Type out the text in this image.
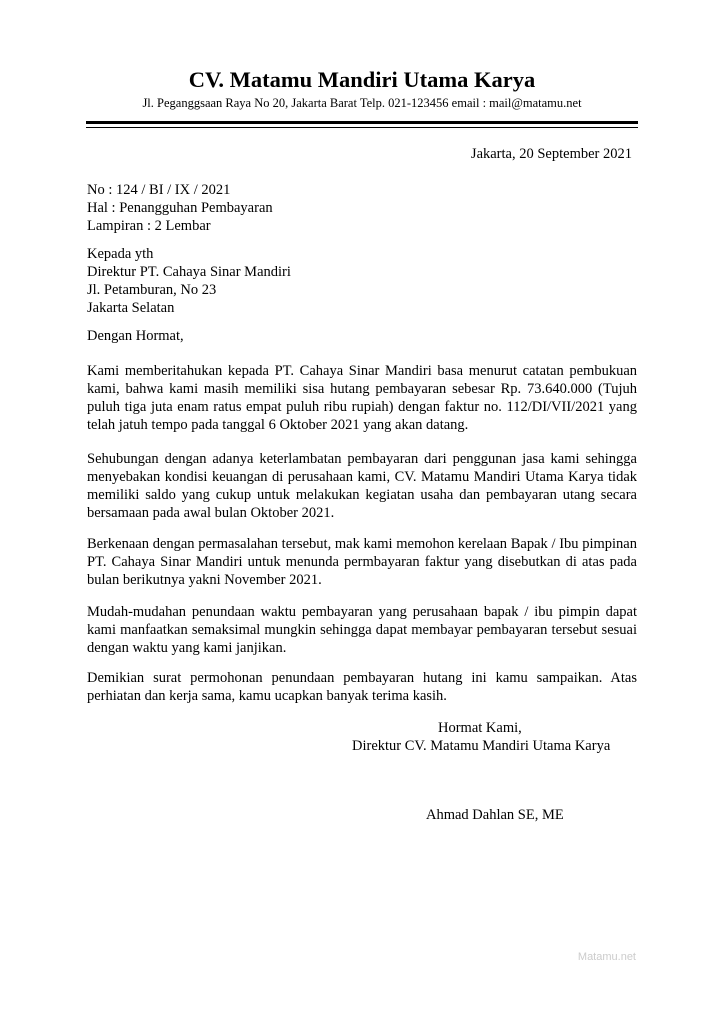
CV. Matamu Mandiri Utama Karya
Jl. Peganggsaan Raya No 20, Jakarta Barat Telp. 021-123456 email : mail@matamu.net
Jakarta, 20 September 2021
No : 124 / BI / IX / 2021
Hal : Penangguhan Pembayaran
Lampiran : 2 Lembar
Kepada yth
Direktur PT. Cahaya Sinar Mandiri
Jl. Petamburan, No 23
Jakarta Selatan
Dengan Hormat,

Kami memberitahukan kepada PT. Cahaya Sinar Mandiri basa menurut catatan pembukuan kami, bahwa kami masih memiliki sisa hutang pembayaran sebesar Rp. 73.640.000 (Tujuh puluh tiga juta enam ratus empat puluh ribu rupiah) dengan faktur no. 112/DI/VII/2021 yang telah jatuh tempo pada tanggal 6 Oktober 2021 yang akan datang.

Sehubungan dengan adanya keterlambatan pembayaran dari penggunan jasa kami sehingga menyebakan kondisi keuangan di perusahaan kami, CV. Matamu Mandiri Utama Karya tidak memiliki saldo yang cukup untuk melakukan kegiatan usaha dan pembayaran utang secara bersamaan pada awal bulan Oktober 2021.

Berkenaan dengan permasalahan tersebut, mak kami memohon kerelaan Bapak / Ibu pimpinan PT. Cahaya Sinar Mandiri untuk menunda permbayaran faktur yang disebutkan di atas pada bulan berikutnya yakni November 2021.

Mudah-mudahan penundaan waktu pembayaran yang perusahaan bapak / ibu pimpin dapat kami manfaatkan semaksimal mungkin sehingga dapat membayar pembayaran tersebut sesuai dengan waktu yang kami janjikan.

Demikian surat permohonan penundaan pembayaran hutang ini kamu sampaikan. Atas perhiatan dan kerja sama, kamu ucapkan banyak terima kasih.

Hormat Kami,
Direktur CV. Matamu Mandiri Utama Karya
Ahmad Dahlan SE, ME
Matamu.net
